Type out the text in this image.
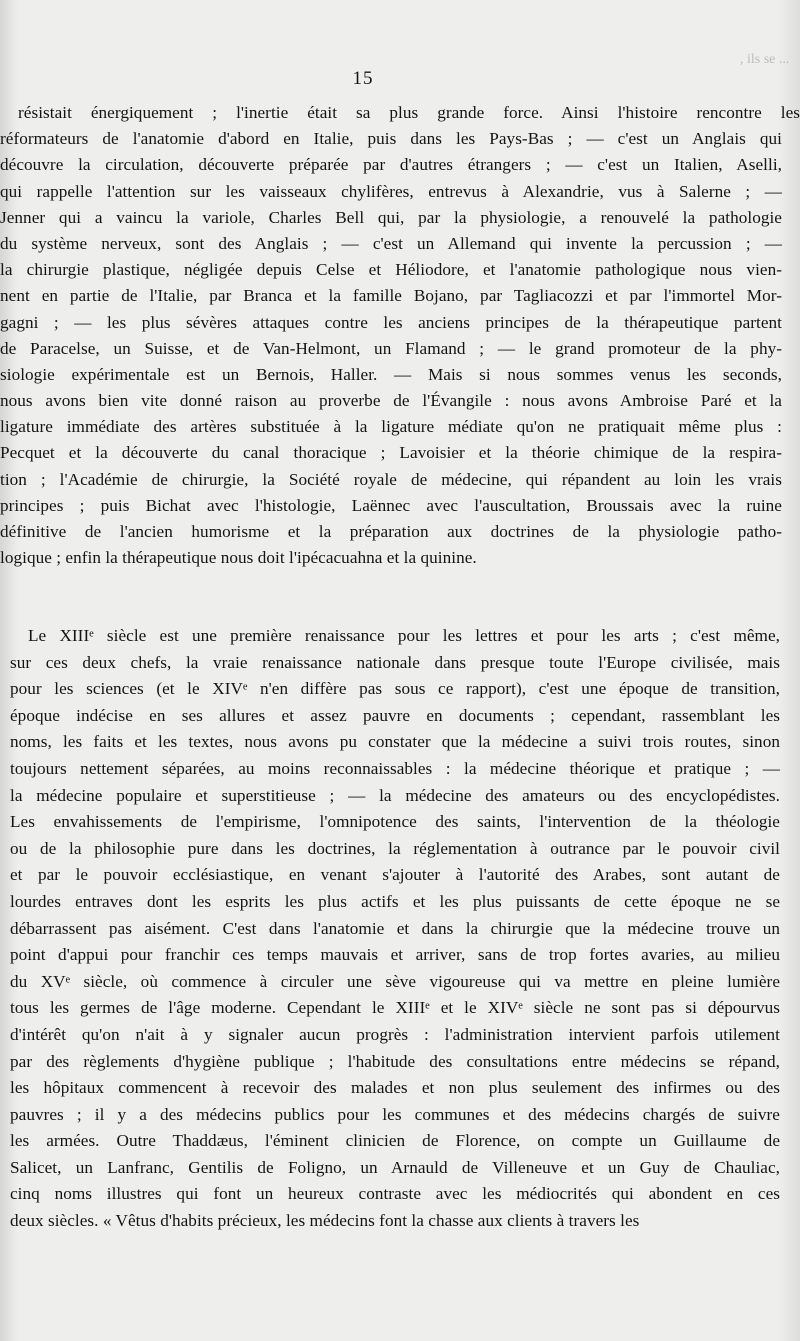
, ils se ...
15
résistait énergiquement ; l'inertie était sa plus grande force. Ainsi l'histoire rencontre les
réformateurs de l'anatomie d'abord en Italie, puis dans les Pays-Bas ; — c'est un Anglais qui
découvre la circulation, découverte préparée par d'autres étrangers ; — c'est un Italien, Aselli,
qui rappelle l'attention sur les vaisseaux chylifères, entrevus à Alexandrie, vus à Salerne ; —
Jenner qui a vaincu la variole, Charles Bell qui, par la physiologie, a renouvelé la pathologie
du système nerveux, sont des Anglais ; — c'est un Allemand qui invente la percussion ; —
la chirurgie plastique, négligée depuis Celse et Héliodore, et l'anatomie pathologique nous vien-
nent en partie de l'Italie, par Branca et la famille Bojano, par Tagliacozzi et par l'immortel Mor-
gagni ; — les plus sévères attaques contre les anciens principes de la thérapeutique partent
de Paracelse, un Suisse, et de Van-Helmont, un Flamand ; — le grand promoteur de la phy-
siologie expérimentale est un Bernois, Haller. — Mais si nous sommes venus les seconds,
nous avons bien vite donné raison au proverbe de l'Évangile : nous avons Ambroise Paré et la
ligature immédiate des artères substituée à la ligature médiate qu'on ne pratiquait même plus :
Pecquet et la découverte du canal thoracique ; Lavoisier et la théorie chimique de la respira-
tion ; l'Académie de chirurgie, la Société royale de médecine, qui répandent au loin les vrais
principes ; puis Bichat avec l'histologie, Laënnec avec l'auscultation, Broussais avec la ruine
définitive de l'ancien humorisme et la préparation aux doctrines de la physiologie patho-
logique ; enfin la thérapeutique nous doit l'ipécacuahna et la quinine.
Le XIIIᵉ siècle est une première renaissance pour les lettres et pour les arts ; c'est même,
sur ces deux chefs, la vraie renaissance nationale dans presque toute l'Europe civilisée, mais
pour les sciences (et le XIVᵉ n'en diffère pas sous ce rapport), c'est une époque de transition,
époque indécise en ses allures et assez pauvre en documents ; cependant, rassemblant les
noms, les faits et les textes, nous avons pu constater que la médecine a suivi trois routes, sinon
toujours nettement séparées, au moins reconnaissables : la médecine théorique et pratique ; —
la médecine populaire et superstitieuse ; — la médecine des amateurs ou des encyclopédistes.
Les envahissements de l'empirisme, l'omnipotence des saints, l'intervention de la théologie
ou de la philosophie pure dans les doctrines, la réglementation à outrance par le pouvoir civil
et par le pouvoir ecclésiastique, en venant s'ajouter à l'autorité des Arabes, sont autant de
lourdes entraves dont les esprits les plus actifs et les plus puissants de cette époque ne se
débarrassent pas aisément. C'est dans l'anatomie et dans la chirurgie que la médecine trouve un
point d'appui pour franchir ces temps mauvais et arriver, sans de trop fortes avaries, au milieu
du XVᵉ siècle, où commence à circuler une sève vigoureuse qui va mettre en pleine lumière
tous les germes de l'âge moderne. Cependant le XIIIᵉ et le XIVᵉ siècle ne sont pas si dépourvus
d'intérêt qu'on n'ait à y signaler aucun progrès : l'administration intervient parfois utilement
par des règlements d'hygiène publique ; l'habitude des consultations entre médecins se répand,
les hôpitaux commencent à recevoir des malades et non plus seulement des infirmes ou des
pauvres ; il y a des médecins publics pour les communes et des médecins chargés de suivre
les armées. Outre Thaddæus, l'éminent clinicien de Florence, on compte un Guillaume de
Salicet, un Lanfranc, Gentilis de Foligno, un Arnauld de Villeneuve et un Guy de Chauliac,
cinq noms illustres qui font un heureux contraste avec les médiocrités qui abondent en ces
deux siècles. « Vêtus d'habits précieux, les médecins font la chasse aux clients à travers les
